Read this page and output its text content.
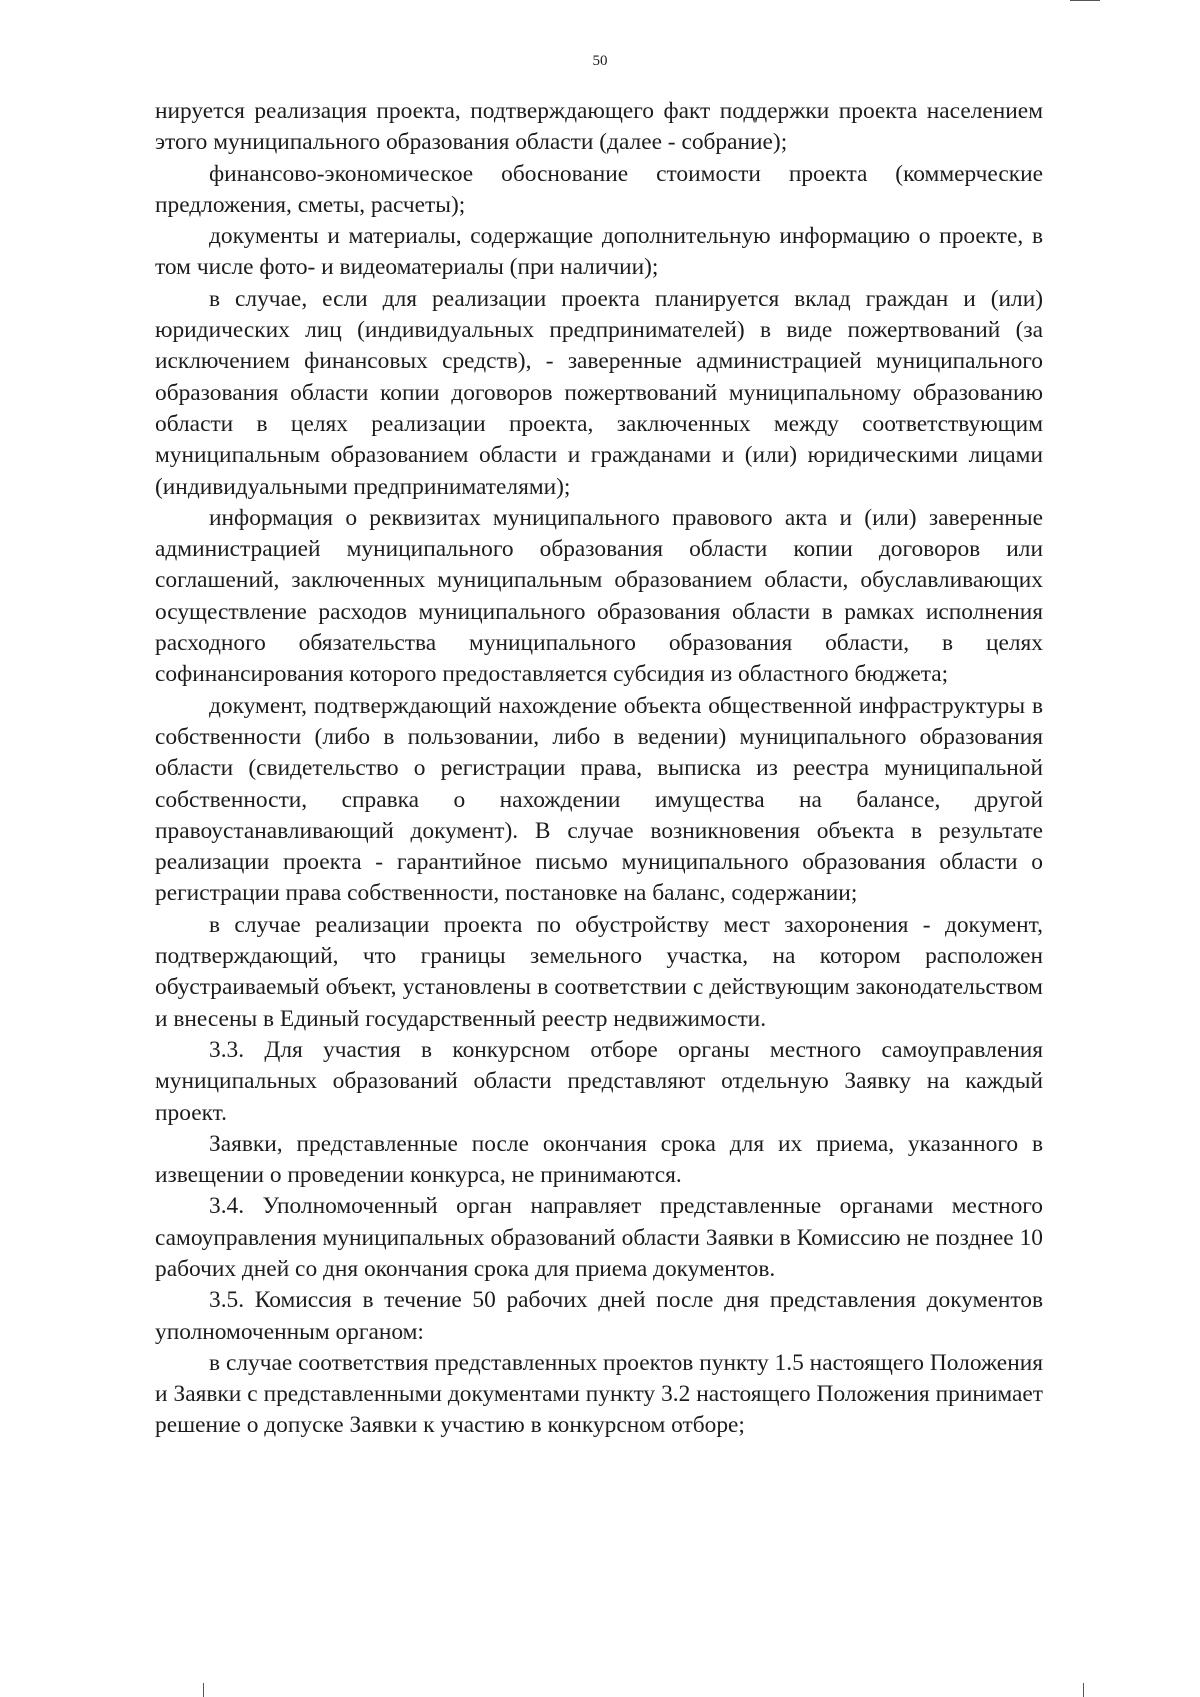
50

нируется реализация проекта, подтверждающего факт поддержки проекта населением этого муниципального образования области (далее - собрание);

финансово-экономическое обоснование стоимости проекта (коммерческие предложения, сметы, расчеты);

документы и материалы, содержащие дополнительную информацию о проекте, в том числе фото- и видеоматериалы (при наличии);

в случае, если для реализации проекта планируется вклад граждан и (или) юридических лиц (индивидуальных предпринимателей) в виде пожертвований (за исключением финансовых средств), - заверенные администрацией муниципального образования области копии договоров пожертвований муниципальному образованию области в целях реализации проекта, заключенных между соответствующим муниципальным образованием области и гражданами и (или) юридическими лицами (индивидуальными предпринимателями);

информация о реквизитах муниципального правового акта и (или) заверенные администрацией муниципального образования области копии договоров или соглашений, заключенных муниципальным образованием области, обуславливающих осуществление расходов муниципального образования области в рамках исполнения расходного обязательства муниципального образования области, в целях софинансирования которого предоставляется субсидия из областного бюджета;

документ, подтверждающий нахождение объекта общественной инфраструктуры в собственности (либо в пользовании, либо в ведении) муниципального образования области (свидетельство о регистрации права, выписка из реестра муниципальной собственности, справка о нахождении имущества на балансе, другой правоустанавливающий документ). В случае возникновения объекта в результате реализации проекта - гарантийное письмо муниципального образования области о регистрации права собственности, постановке на баланс, содержании;

в случае реализации проекта по обустройству мест захоронения - документ, подтверждающий, что границы земельного участка, на котором расположен обустраиваемый объект, установлены в соответствии с действующим законодательством и внесены в Единый государственный реестр недвижимости.

3.3. Для участия в конкурсном отборе органы местного самоуправления муниципальных образований области представляют отдельную Заявку на каждый проект.

Заявки, представленные после окончания срока для их приема, указанного в извещении о проведении конкурса, не принимаются.

3.4. Уполномоченный орган направляет представленные органами местного самоуправления муниципальных образований области Заявки в Комиссию не позднее 10 рабочих дней со дня окончания срока для приема документов.

3.5. Комиссия в течение 50 рабочих дней после дня представления документов уполномоченным органом:

в случае соответствия представленных проектов пункту 1.5 настоящего Положения и Заявки с представленными документами пункту 3.2 настоящего Положения принимает решение о допуске Заявки к участию в конкурсном отборе;
